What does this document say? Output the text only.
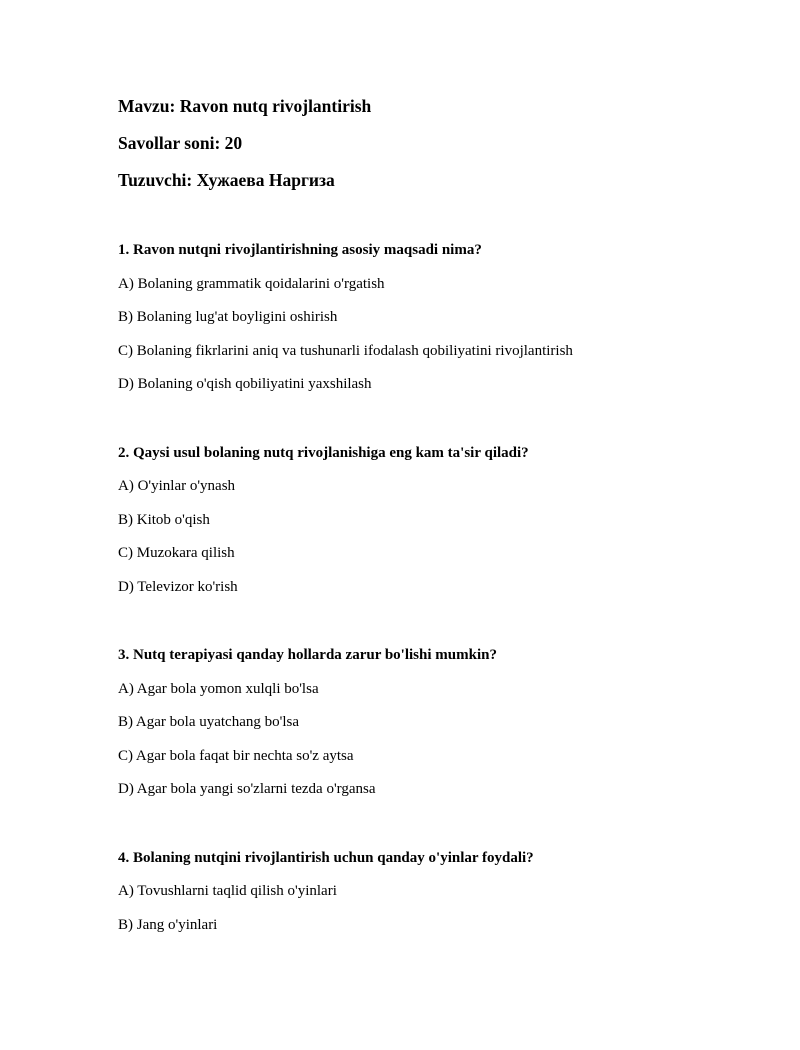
Mavzu: Ravon nutq rivojlantirish
Savollar soni: 20
Tuzuvchi: Хужаева Наргиза
1. Ravon nutqni rivojlantirishning asosiy maqsadi nima?
A) Bolaning grammatik qoidalarini o'rgatish
B) Bolaning lug'at boyligini oshirish
C) Bolaning fikrlarini aniq va tushunarli ifodalash qobiliyatini rivojlantirish
D) Bolaning o'qish qobiliyatini yaxshilash
2. Qaysi usul bolaning nutq rivojlanishiga eng kam ta'sir qiladi?
A) O'yinlar o'ynash
B) Kitob o'qish
C) Muzokara qilish
D) Televizor ko'rish
3. Nutq terapiyasi qanday hollarda zarur bo'lishi mumkin?
A) Agar bola yomon xulqli bo'lsa
B) Agar bola uyatchang bo'lsa
C) Agar bola faqat bir nechta so'z aytsa
D) Agar bola yangi so'zlarni tezda o'rgansa
4. Bolaning nutqini rivojlantirish uchun qanday o'yinlar foydali?
A) Tovushlarni taqlid qilish o'yinlari
B) Jang o'yinlari
